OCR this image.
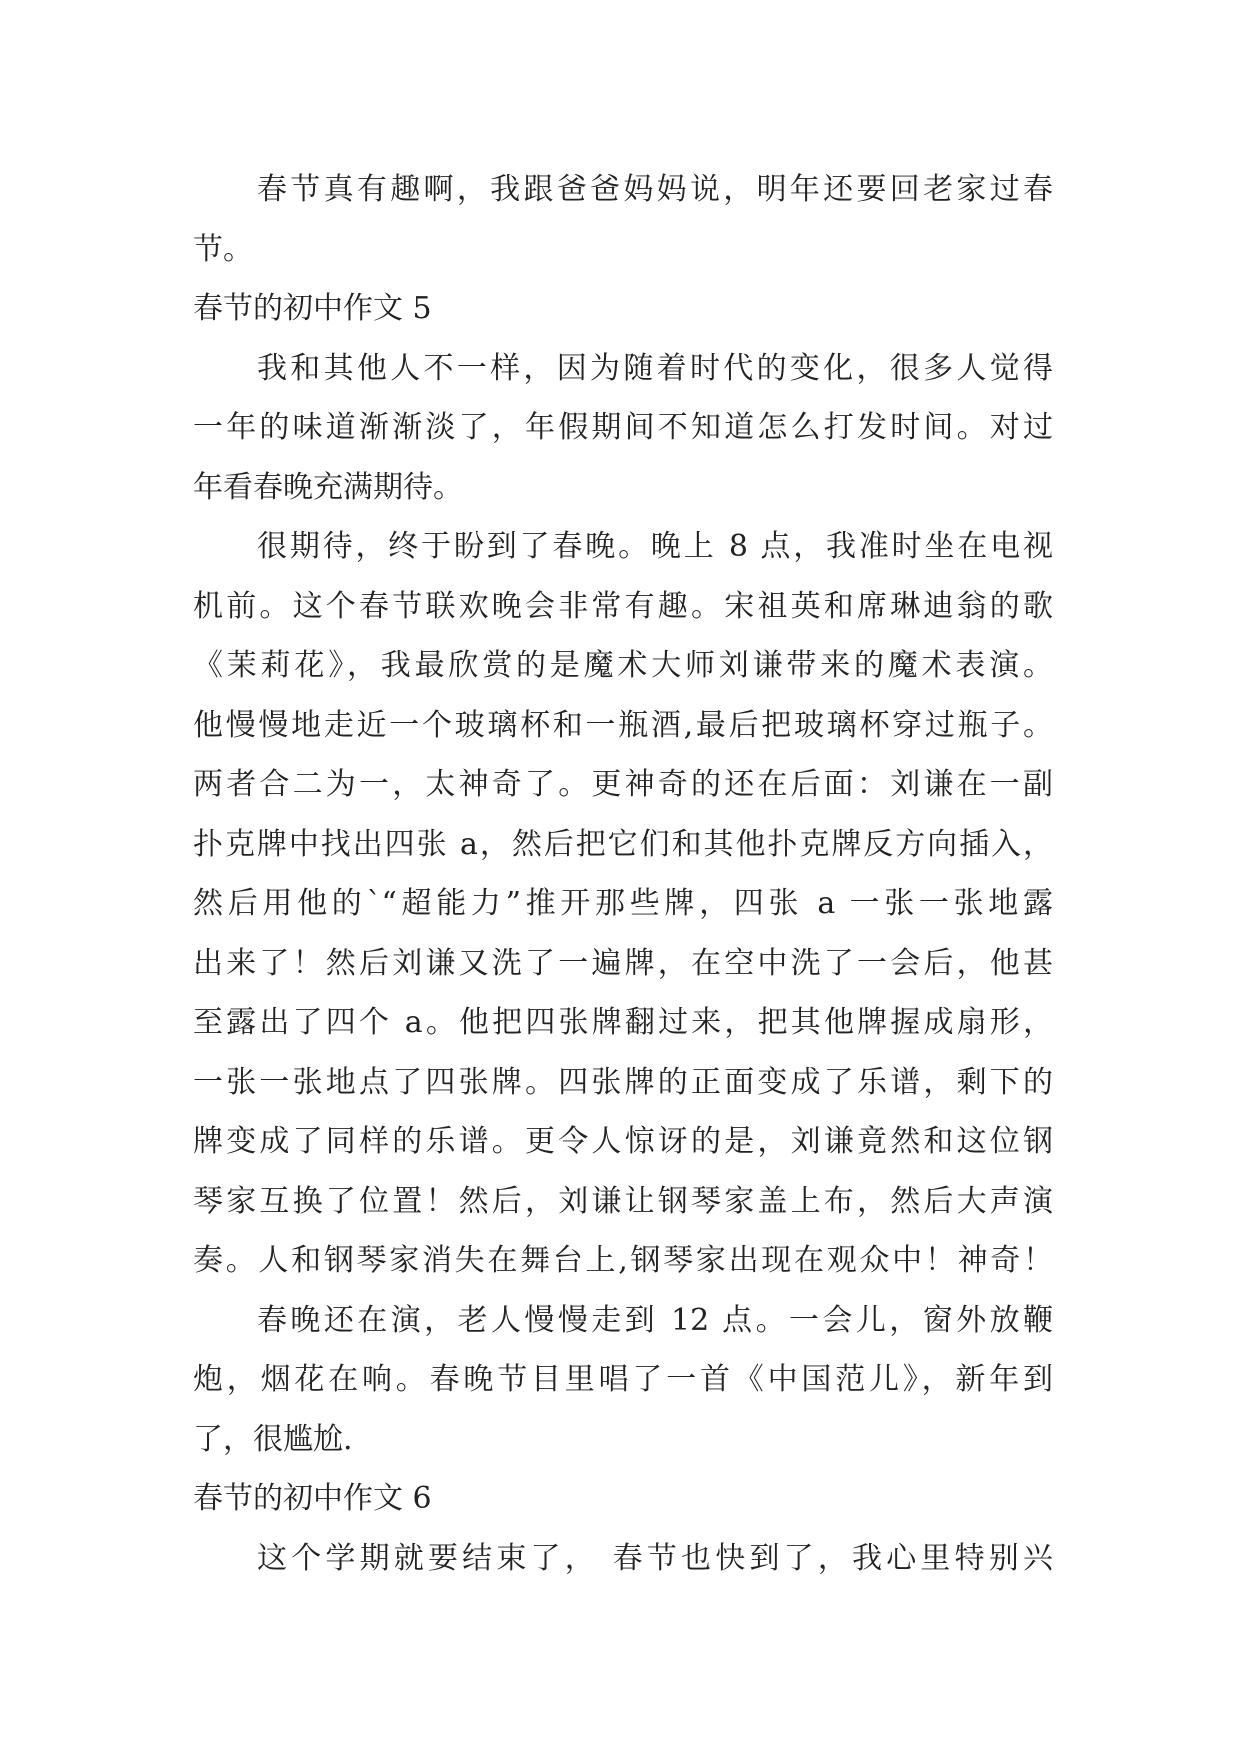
春节真有趣啊，我跟爸爸妈妈说，明年还要回老家过春
节。
春节的初中作文 5
我和其他人不一样，因为随着时代的变化，很多人觉得
一年的味道渐渐淡了，年假期间不知道怎么打发时间。对过
年看春晚充满期待。
很期待，终于盼到了春晚。晚上 8 点，我准时坐在电视
机前。这个春节联欢晚会非常有趣。宋祖英和席琳迪翁的歌
《茉莉花》，我最欣赏的是魔术大师刘谦带来的魔术表演。
他慢慢地走近一个玻璃杯和一瓶酒,最后把玻璃杯穿过瓶子。
两者合二为一，太神奇了。更神奇的还在后面：刘谦在一副
扑克牌中找出四张 a，然后把它们和其他扑克牌反方向插入，
然后用他的`“超能力”推开那些牌，四张 a 一张一张地露
出来了！然后刘谦又洗了一遍牌，在空中洗了一会后，他甚
至露出了四个 a。他把四张牌翻过来，把其他牌握成扇形，
一张一张地点了四张牌。四张牌的正面变成了乐谱，剩下的
牌变成了同样的乐谱。更令人惊讶的是，刘谦竟然和这位钢
琴家互换了位置！然后，刘谦让钢琴家盖上布，然后大声演
奏。人和钢琴家消失在舞台上,钢琴家出现在观众中！神奇！
春晚还在演，老人慢慢走到 12 点。一会儿，窗外放鞭
炮，烟花在响。春晚节目里唱了一首《中国范儿》，新年到
了，很尴尬.
春节的初中作文 6
这个学期就要结束了， 春节也快到了，我心里特别兴
